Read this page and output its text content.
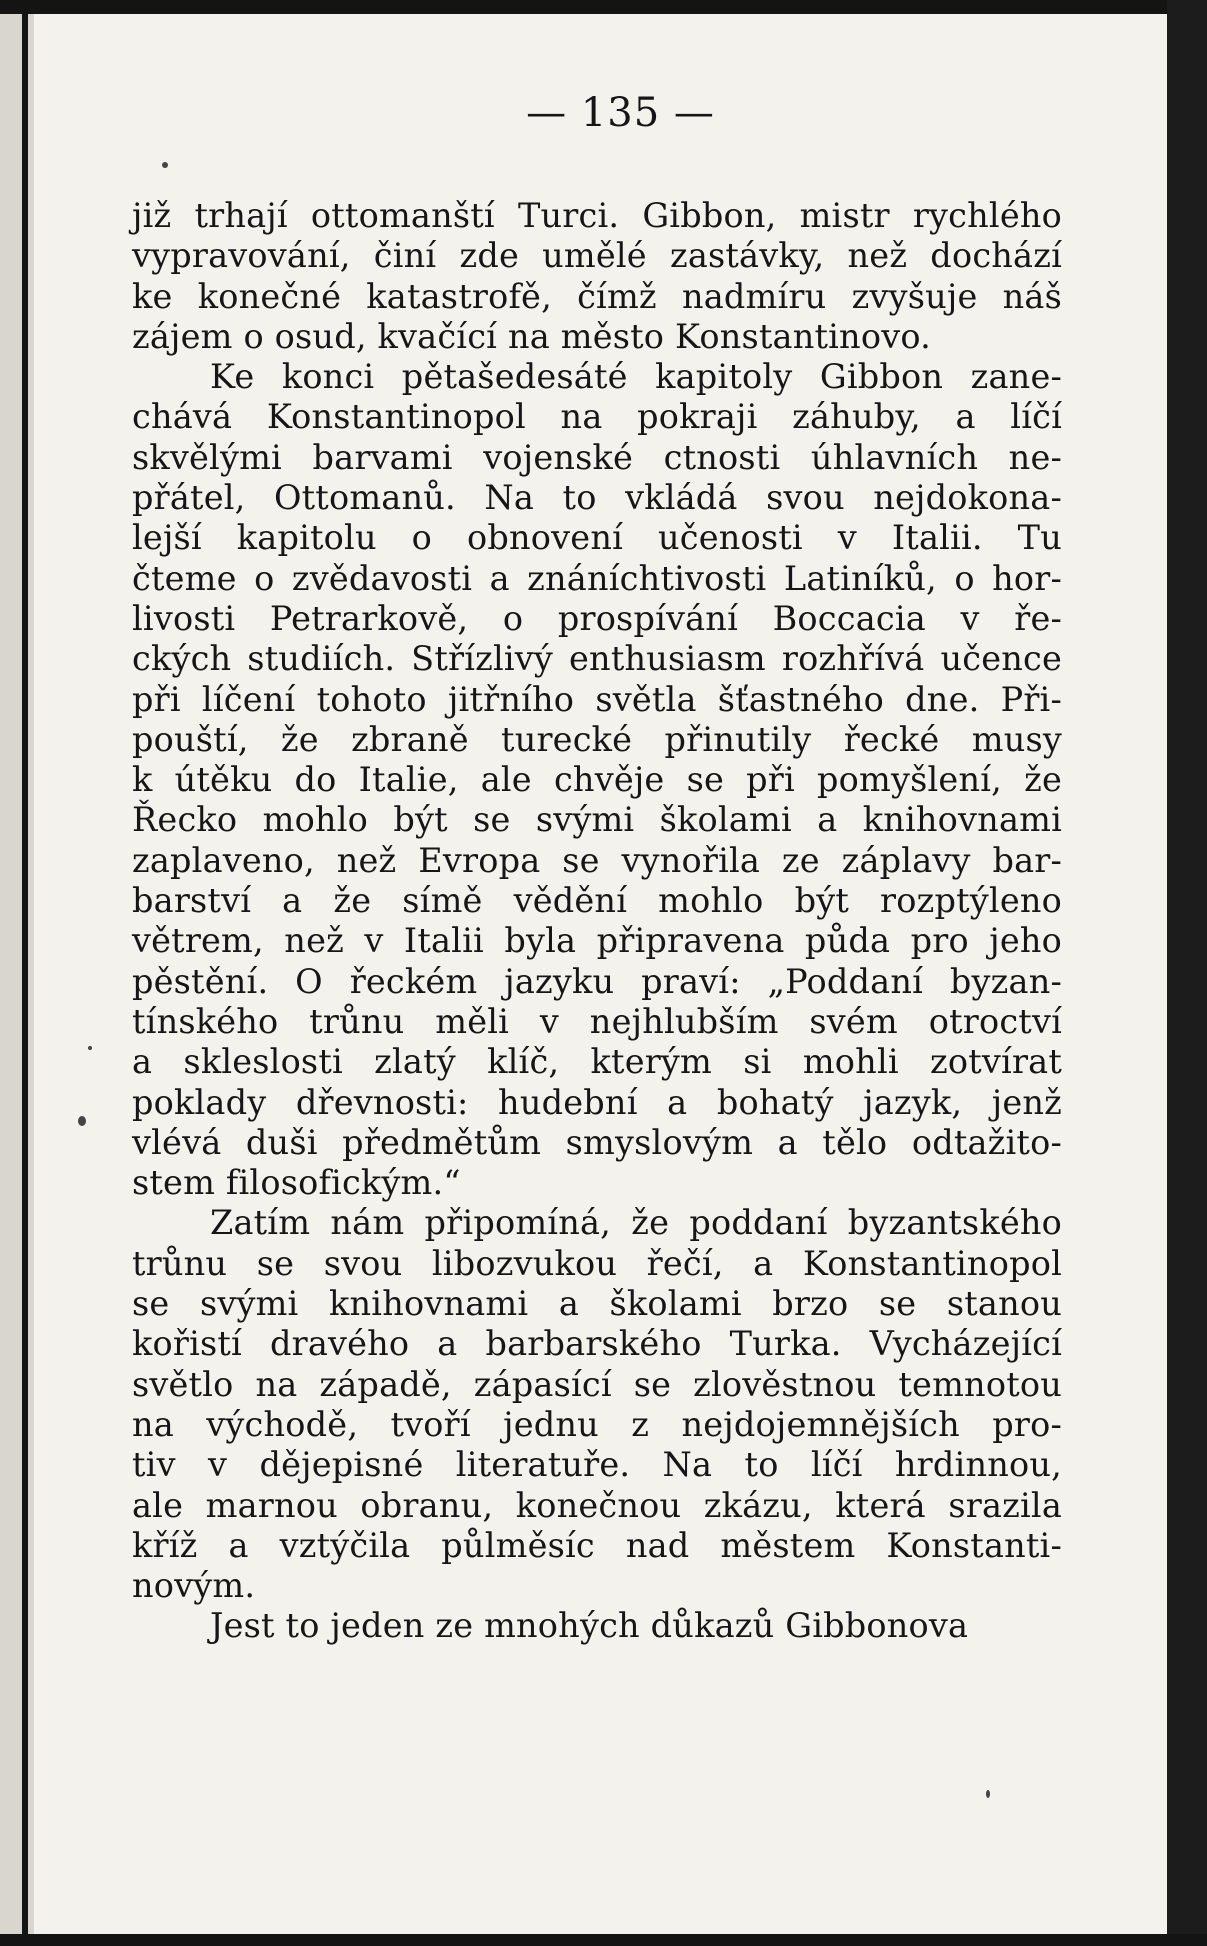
— 135 —
již trhají ottomanští Turci. Gibbon, mistr rychlého
vypravování, činí zde umělé zastávky, než dochází
ke konečné katastrofě, čímž nadmíru zvyšuje náš
zájem o osud, kvačící na město Konstantinovo.
Ke konci pětašedesáté kapitoly Gibbon zane-
chává Konstantinopol na pokraji záhuby, a líčí
skvělými barvami vojenské ctnosti úhlavních ne-
přátel, Ottomanů. Na to vkládá svou nejdokona-
lejší kapitolu o obnovení učenosti v Italii. Tu
čteme o zvědavosti a znáníchtivosti Latiníků, o hor-
livosti Petrarkově, o prospívání Boccacia v ře-
ckých studiích. Střízlivý enthusiasm rozhřívá učence
při líčení tohoto jitřního světla šťastného dne. Při-
pouští, že zbraně turecké přinutily řecké musy
k útěku do Italie, ale chvěje se při pomyšlení, že
Řecko mohlo být se svými školami a knihovnami
zaplaveno, než Evropa se vynořila ze záplavy bar-
barství a že símě vědění mohlo být rozptýleno
větrem, než v Italii byla připravena půda pro jeho
pěstění. O řeckém jazyku praví: „Poddaní byzan-
tínského trůnu měli v nejhlubším svém otroctví
a skleslosti zlatý klíč, kterým si mohli zotvírat
poklady dřevnosti: hudební a bohatý jazyk, jenž
vlévá duši předmětům smyslovým a tělo odtažito-
stem filosofickým.“
Zatím nám připomíná, že poddaní byzantského
trůnu se svou libozvukou řečí, a Konstantinopol
se svými knihovnami a školami brzo se stanou
kořistí dravého a barbarského Turka. Vycházející
světlo na západě, zápasící se zlověstnou temnotou
na východě, tvoří jednu z nejdojemnějších pro-
tiv v dějepisné literatuře. Na to líčí hrdinnou,
ale marnou obranu, konečnou zkázu, která srazila
kříž a vztýčila půlměsíc nad městem Konstanti-
novým.
Jest to jeden ze mnohých důkazů Gibbonova
